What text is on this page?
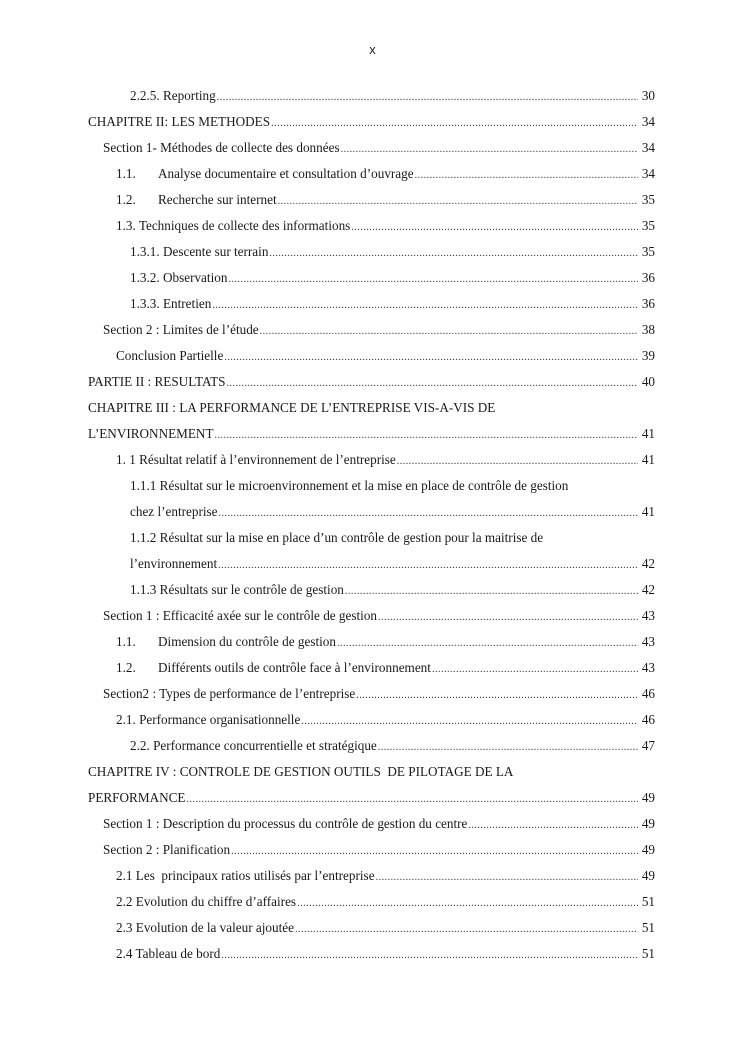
x
2.2.5. Reporting .....	30
CHAPITRE II: LES METHODES .....	34
Section 1- Méthodes de collecte des données .....	34
1.1. Analyse documentaire et consultation d’ouvrage .....	34
1.2. Recherche sur internet .....	35
1.3. Techniques de collecte des informations .....	35
1.3.1. Descente sur terrain .....	35
1.3.2. Observation .....	36
1.3.3. Entretien .....	36
Section 2 : Limites de l’étude .....	38
Conclusion Partielle .....	39
PARTIE II : RESULTATS .....	40
CHAPITRE III : LA PERFORMANCE DE L’ENTREPRISE VIS-A-VIS DE
L’ENVIRONNEMENT .....	41
1. 1 Résultat relatif à l’environnement de l’entreprise .....	41
1.1.1 Résultat sur le microenvironnement et la mise en place de contrôle de gestion
chez l’entreprise .....	41
1.1.2 Résultat sur la mise en place d’un contrôle de gestion pour la maitrise de
l’environnement .....	42
1.1.3 Résultats sur le contrôle de gestion .....	42
Section 1 : Efficacité axée sur le contrôle de gestion .....	43
1.1. Dimension du contrôle de gestion .....	43
1.2. Différents outils de contrôle face à l’environnement .....	43
Section2 : Types de performance de l’entreprise .....	46
2.1. Performance organisationnelle .....	46
2.2. Performance concurrentielle et stratégique .....	47
CHAPITRE IV : CONTROLE DE GESTION OUTILS  DE PILOTAGE DE LA
PERFORMANCE .....	49
Section 1 : Description du processus du contrôle de gestion du centre .....	49
Section 2 : Planification .....	49
2.1 Les  principaux ratios utilisés par l’entreprise .....	49
2.2 Evolution du chiffre d’affaires .....	51
2.3 Evolution de la valeur ajoutée .....	51
2.4 Tableau de bord .....	51
